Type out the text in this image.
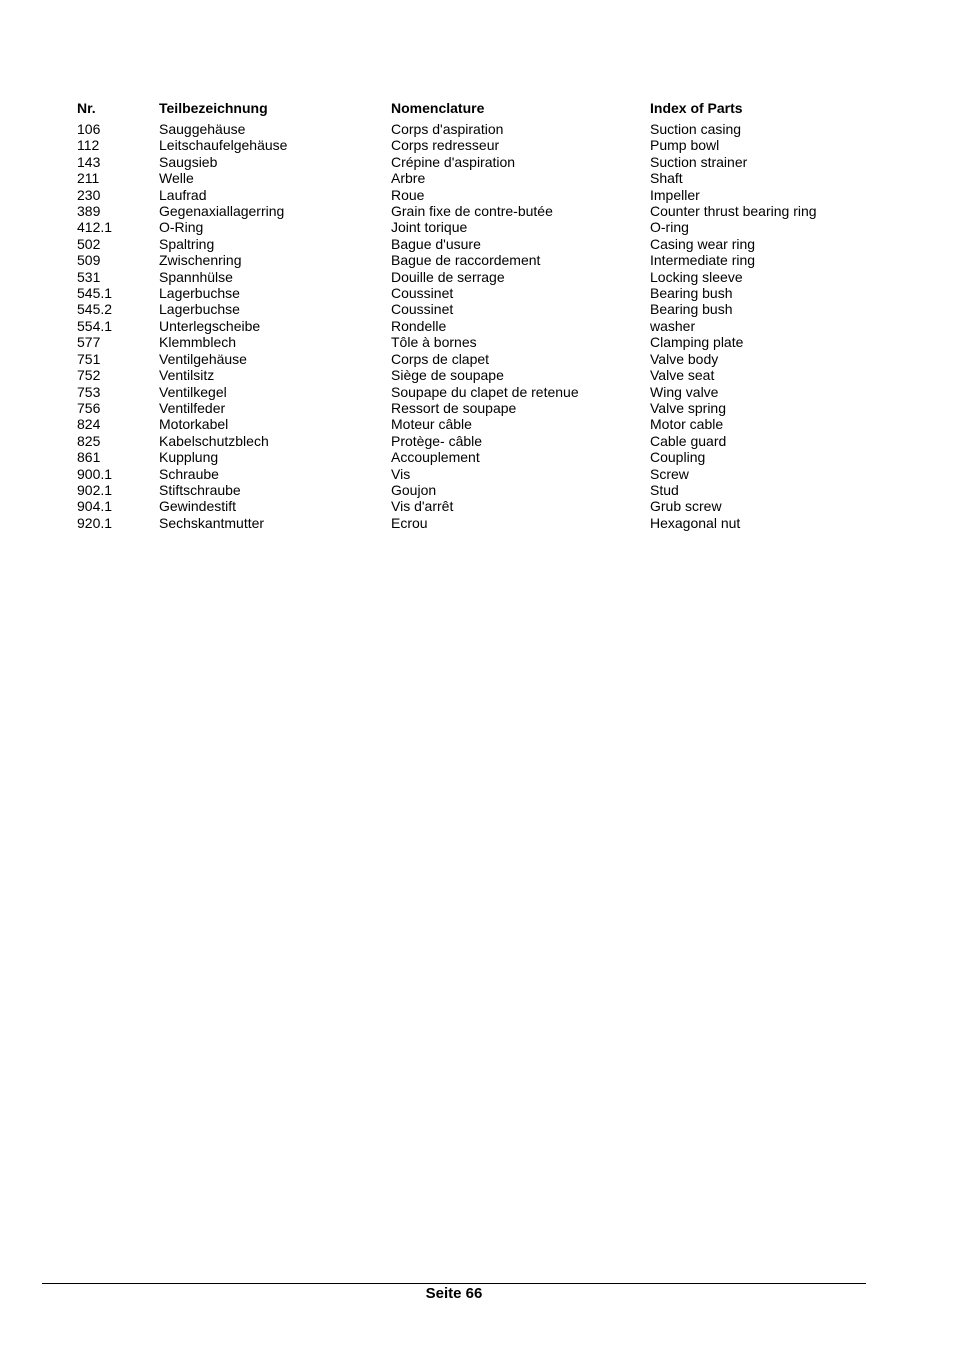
Nr.	Teilbezeichnung	Nomenclature	Index of Parts
106	Sauggehäuse	Corps d'aspiration	Suction casing
112	Leitschaufelgehäuse	Corps redresseur	Pump bowl
143	Saugsieb	Crépine d'aspiration	Suction strainer
211	Welle	Arbre	Shaft
230	Laufrad	Roue	Impeller
389	Gegenaxiallagerring	Grain fixe de contre-butée	Counter thrust bearing ring
412.1	O-Ring	Joint torique	O-ring
502	Spaltring	Bague d'usure	Casing wear ring
509	Zwischenring	Bague de raccordement	Intermediate ring
531	Spannhülse	Douille de serrage	Locking sleeve
545.1	Lagerbuchse	Coussinet	Bearing bush
545.2	Lagerbuchse	Coussinet	Bearing bush
554.1	Unterlegscheibe	Rondelle	washer
577	Klemmblech	Tôle à bornes	Clamping plate
751	Ventilgehäuse	Corps de clapet	Valve body
752	Ventilsitz	Siège de soupape	Valve seat
753	Ventilkegel	Soupape du clapet de retenue	Wing valve
756	Ventilfeder	Ressort de soupape	Valve spring
824	Motorkabel	Moteur câble	Motor cable
825	Kabelschutzblech	Protège- câble	Cable guard
861	Kupplung	Accouplement	Coupling
900.1	Schraube	Vis	Screw
902.1	Stiftschraube	Goujon	Stud
904.1	Gewindestift	Vis d'arrêt	Grub screw
920.1	Sechskantmutter	Ecrou	Hexagonal nut
Seite 66
